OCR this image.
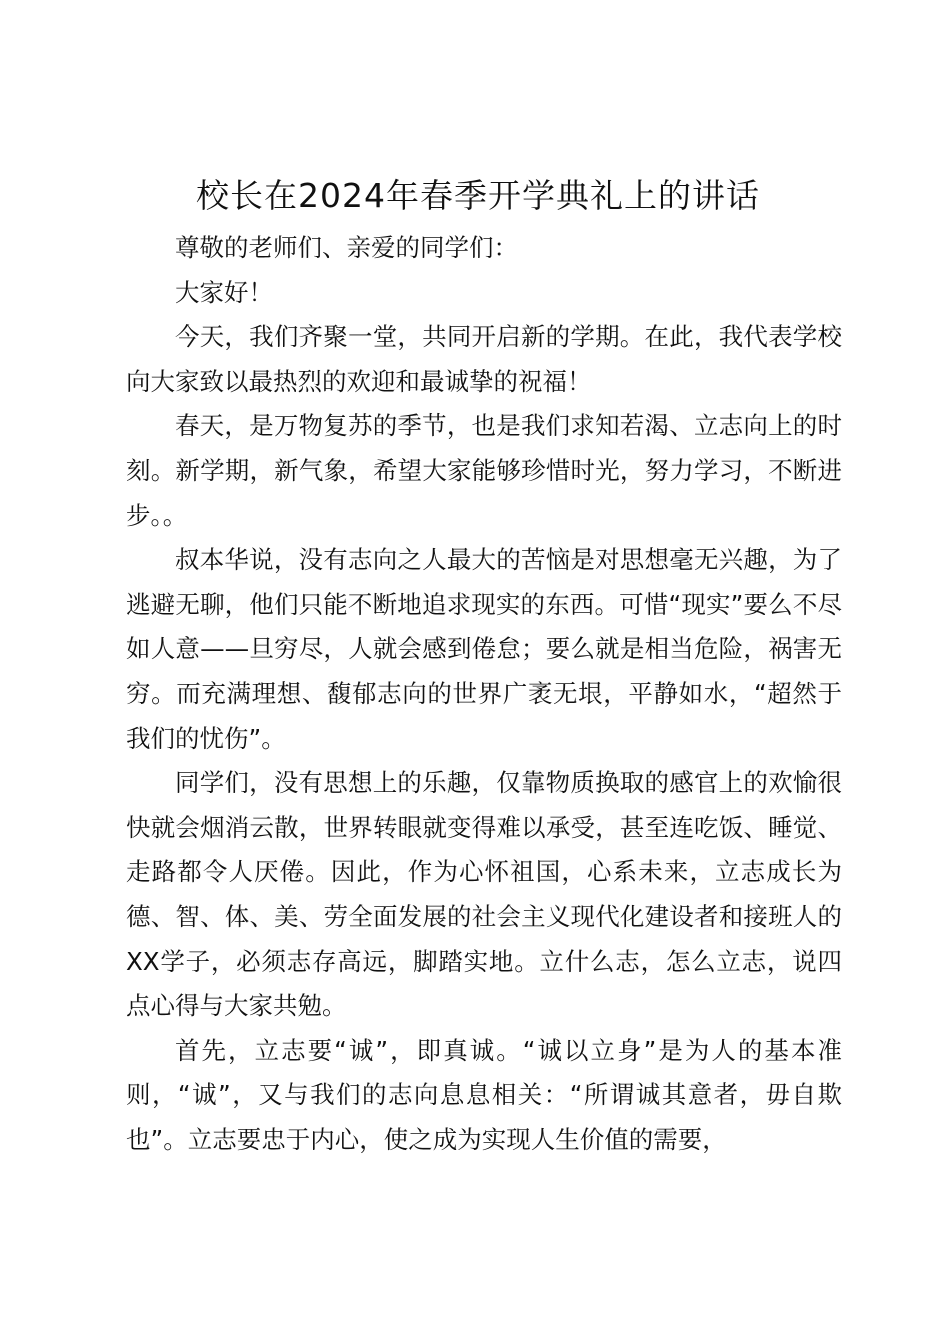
校长在2024年春季开学典礼上的讲话

尊敬的老师们、亲爱的同学们：

大家好！

今天，我们齐聚一堂，共同开启新的学期。在此，我代表学校向大家致以最热烈的欢迎和最诚挚的祝福！

春天，是万物复苏的季节，也是我们求知若渴、立志向上的时刻。新学期，新气象，希望大家能够珍惜时光，努力学习，不断进步。。

叔本华说，没有志向之人最大的苦恼是对思想毫无兴趣，为了逃避无聊，他们只能不断地追求现实的东西。可惜“现实”要么不尽如人意——旦穷尽，人就会感到倦怠；要么就是相当危险，祸害无穷。而充满理想、馥郁志向的世界广袤无垠，平静如水，“超然于我们的忧伤”。

同学们，没有思想上的乐趣，仅靠物质换取的感官上的欢愉很快就会烟消云散，世界转眼就变得难以承受，甚至连吃饭、睡觉、走路都令人厌倦。因此，作为心怀祖国，心系未来，立志成长为德、智、体、美、劳全面发展的社会主义现代化建设者和接班人的XX学子，必须志存高远，脚踏实地。立什么志，怎么立志，说四点心得与大家共勉。

首先，立志要“诚”，即真诚。“诚以立身”是为人的基本准则，“诚”，又与我们的志向息息相关：“所谓诚其意者，毋自欺也”。立志要忠于内心，使之成为实现人生价值的需要，
